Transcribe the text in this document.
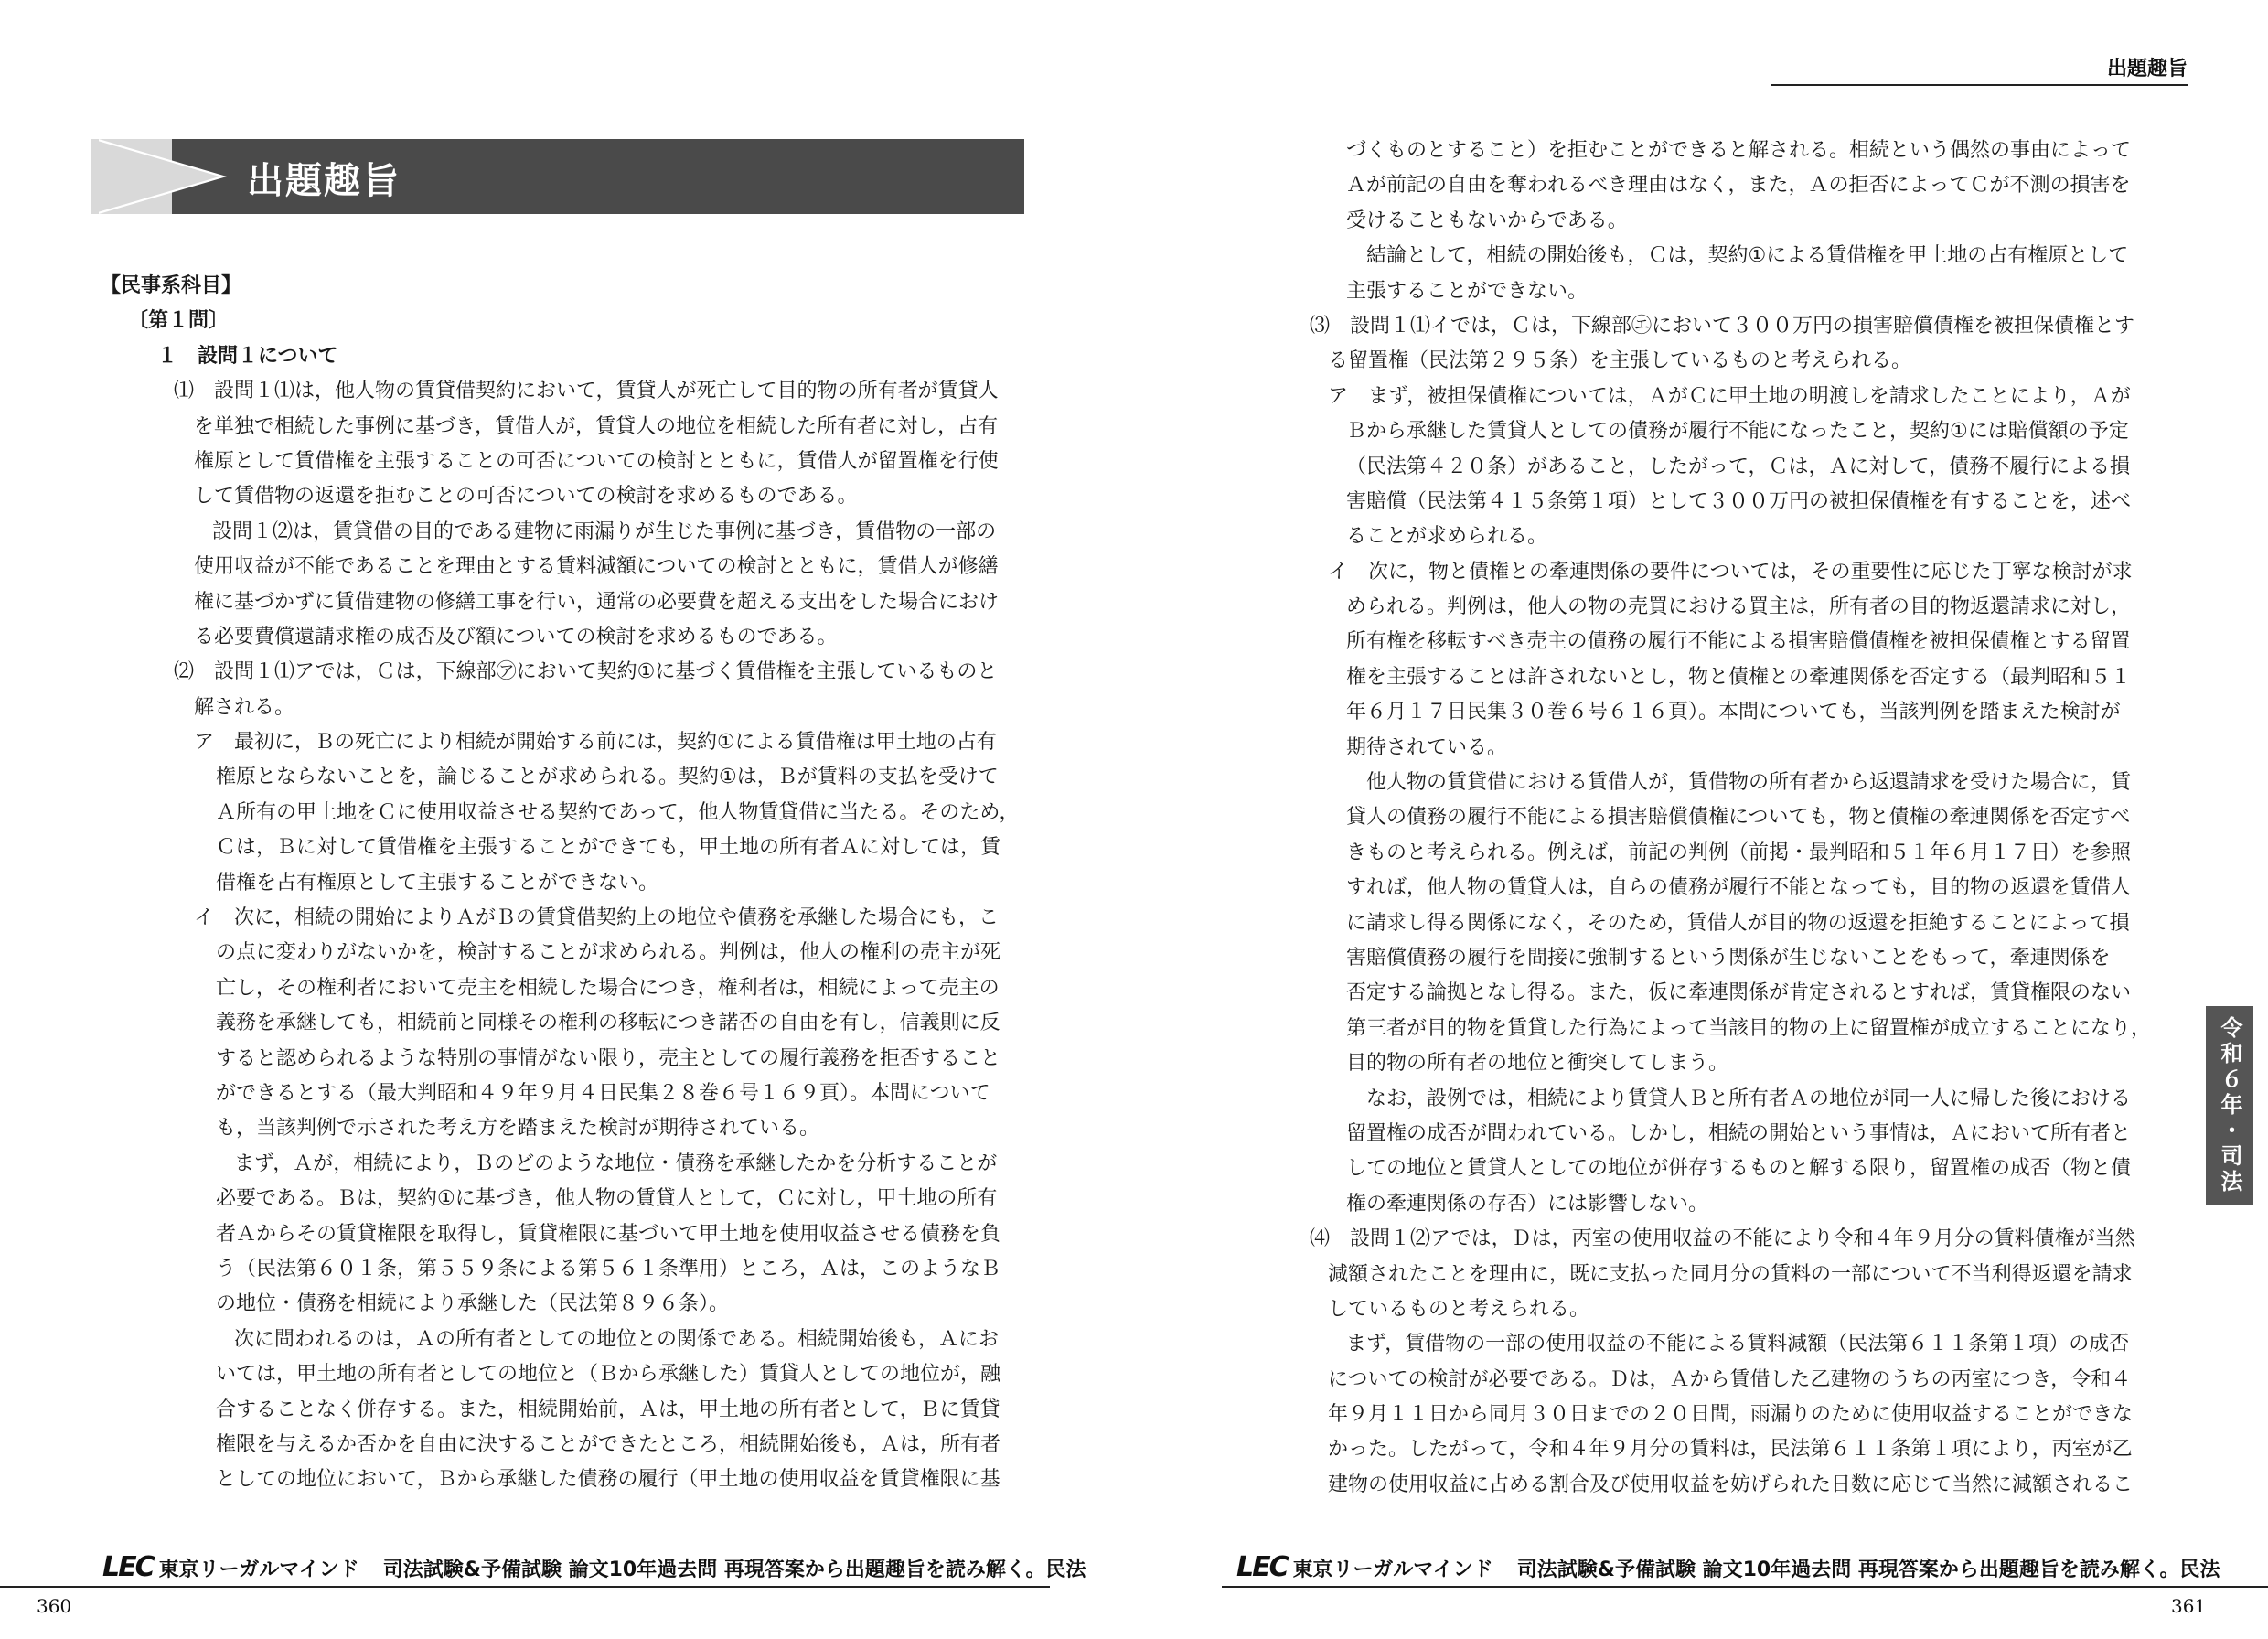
出題趣旨
【民事系科目】
〔第１問〕
１　設問１について
⑴　設問１⑴は，他人物の賃貸借契約において，賃貸人が死亡して目的物の所有者が賃貸人
を単独で相続した事例に基づき，賃借人が，賃貸人の地位を相続した所有者に対し，占有
権原として賃借権を主張することの可否についての検討とともに，賃借人が留置権を行使
して賃借物の返還を拒むことの可否についての検討を求めるものである。
設問１⑵は，賃貸借の目的である建物に雨漏りが生じた事例に基づき，賃借物の一部の
使用収益が不能であることを理由とする賃料減額についての検討とともに，賃借人が修繕
権に基づかずに賃借建物の修繕工事を行い，通常の必要費を超える支出をした場合におけ
る必要費償還請求権の成否及び額についての検討を求めるものである。
⑵　設問１⑴アでは，Ｃは，下線部㋐において契約①に基づく賃借権を主張しているものと
解される。
ア　最初に，Ｂの死亡により相続が開始する前には，契約①による賃借権は甲土地の占有
権原とならないことを，論じることが求められる。契約①は，Ｂが賃料の支払を受けて
Ａ所有の甲土地をＣに使用収益させる契約であって，他人物賃貸借に当たる。そのため，
Ｃは，Ｂに対して賃借権を主張することができても，甲土地の所有者Ａに対しては，賃
借権を占有権原として主張することができない。
イ　次に，相続の開始によりＡがＢの賃貸借契約上の地位や債務を承継した場合にも，こ
の点に変わりがないかを，検討することが求められる。判例は，他人の権利の売主が死
亡し，その権利者において売主を相続した場合につき，権利者は，相続によって売主の
義務を承継しても，相続前と同様その権利の移転につき諾否の自由を有し，信義則に反
すると認められるような特別の事情がない限り，売主としての履行義務を拒否すること
ができるとする（最大判昭和４９年９月４日民集２８巻６号１６９頁）。本問について
も，当該判例で示された考え方を踏まえた検討が期待されている。
まず，Ａが，相続により，Ｂのどのような地位・債務を承継したかを分析することが
必要である。Ｂは，契約①に基づき，他人物の賃貸人として，Ｃに対し，甲土地の所有
者Ａからその賃貸権限を取得し，賃貸権限に基づいて甲土地を使用収益させる債務を負
う（民法第６０１条，第５５９条による第５６１条準用）ところ，Ａは，このようなＢ
の地位・債務を相続により承継した（民法第８９６条）。
次に問われるのは，Ａの所有者としての地位との関係である。相続開始後も，Ａにお
いては，甲土地の所有者としての地位と（Ｂから承継した）賃貸人としての地位が，融
合することなく併存する。また，相続開始前，Ａは，甲土地の所有者として，Ｂに賃貸
権限を与えるか否かを自由に決することができたところ，相続開始後も，Ａは，所有者
としての地位において，Ｂから承継した債務の履行（甲土地の使用収益を賃貸権限に基
LEC 東京リーガルマインド 司法試験&予備試験 論文10年過去問 再現答案から出題趣旨を読み解く。民法
360
出題趣旨
LEC 東京リーガルマインド 司法試験&予備試験 論文10年過去問 再現答案から出題趣旨を読み解く。民法
361
づくものとすること）を拒むことができると解される。相続という偶然の事由によって
Ａが前記の自由を奪われるべき理由はなく，また，Ａの拒否によってＣが不測の損害を
受けることもないからである。
結論として，相続の開始後も，Ｃは，契約①による賃借権を甲土地の占有権原として
主張することができない。
⑶　設問１⑴イでは，Ｃは，下線部㋓において３００万円の損害賠償債権を被担保債権とす
る留置権（民法第２９５条）を主張しているものと考えられる。
ア　まず，被担保債権については，ＡがＣに甲土地の明渡しを請求したことにより，Ａが
Ｂから承継した賃貸人としての債務が履行不能になったこと，契約①には賠償額の予定
（民法第４２０条）があること，したがって，Ｃは，Ａに対して，債務不履行による損
害賠償（民法第４１５条第１項）として３００万円の被担保債権を有することを，述べ
ることが求められる。
イ　次に，物と債権との牽連関係の要件については，その重要性に応じた丁寧な検討が求
められる。判例は，他人の物の売買における買主は，所有者の目的物返還請求に対し，
所有権を移転すべき売主の債務の履行不能による損害賠償債権を被担保債権とする留置
権を主張することは許されないとし，物と債権との牽連関係を否定する（最判昭和５１
年６月１７日民集３０巻６号６１６頁）。本問についても，当該判例を踏まえた検討が
期待されている。
他人物の賃貸借における賃借人が，賃借物の所有者から返還請求を受けた場合に，賃
貸人の債務の履行不能による損害賠償債権についても，物と債権の牽連関係を否定すべ
きものと考えられる。例えば，前記の判例（前掲・最判昭和５１年６月１７日）を参照
すれば，他人物の賃貸人は，自らの債務が履行不能となっても，目的物の返還を賃借人
に請求し得る関係になく，そのため，賃借人が目的物の返還を拒絶することによって損
害賠償債務の履行を間接に強制するという関係が生じないことをもって，牽連関係を
否定する論拠となし得る。また，仮に牽連関係が肯定されるとすれば，賃貸権限のない
第三者が目的物を賃貸した行為によって当該目的物の上に留置権が成立することになり，
目的物の所有者の地位と衝突してしまう。
なお，設例では，相続により賃貸人Ｂと所有者Ａの地位が同一人に帰した後における
留置権の成否が問われている。しかし，相続の開始という事情は，Ａにおいて所有者と
しての地位と賃貸人としての地位が併存するものと解する限り，留置権の成否（物と債
権の牽連関係の存否）には影響しない。
⑷　設問１⑵アでは，Ｄは，丙室の使用収益の不能により令和４年９月分の賃料債権が当然
減額されたことを理由に，既に支払った同月分の賃料の一部について不当利得返還を請求
しているものと考えられる。
まず，賃借物の一部の使用収益の不能による賃料減額（民法第６１１条第１項）の成否
についての検討が必要である。Ｄは，Ａから賃借した乙建物のうちの丙室につき，令和４
年９月１１日から同月３０日までの２０日間，雨漏りのために使用収益することができな
かった。したがって，令和４年９月分の賃料は，民法第６１１条第１項により，丙室が乙
建物の使用収益に占める割合及び使用収益を妨げられた日数に応じて当然に減額されるこ
令和６年・司法
